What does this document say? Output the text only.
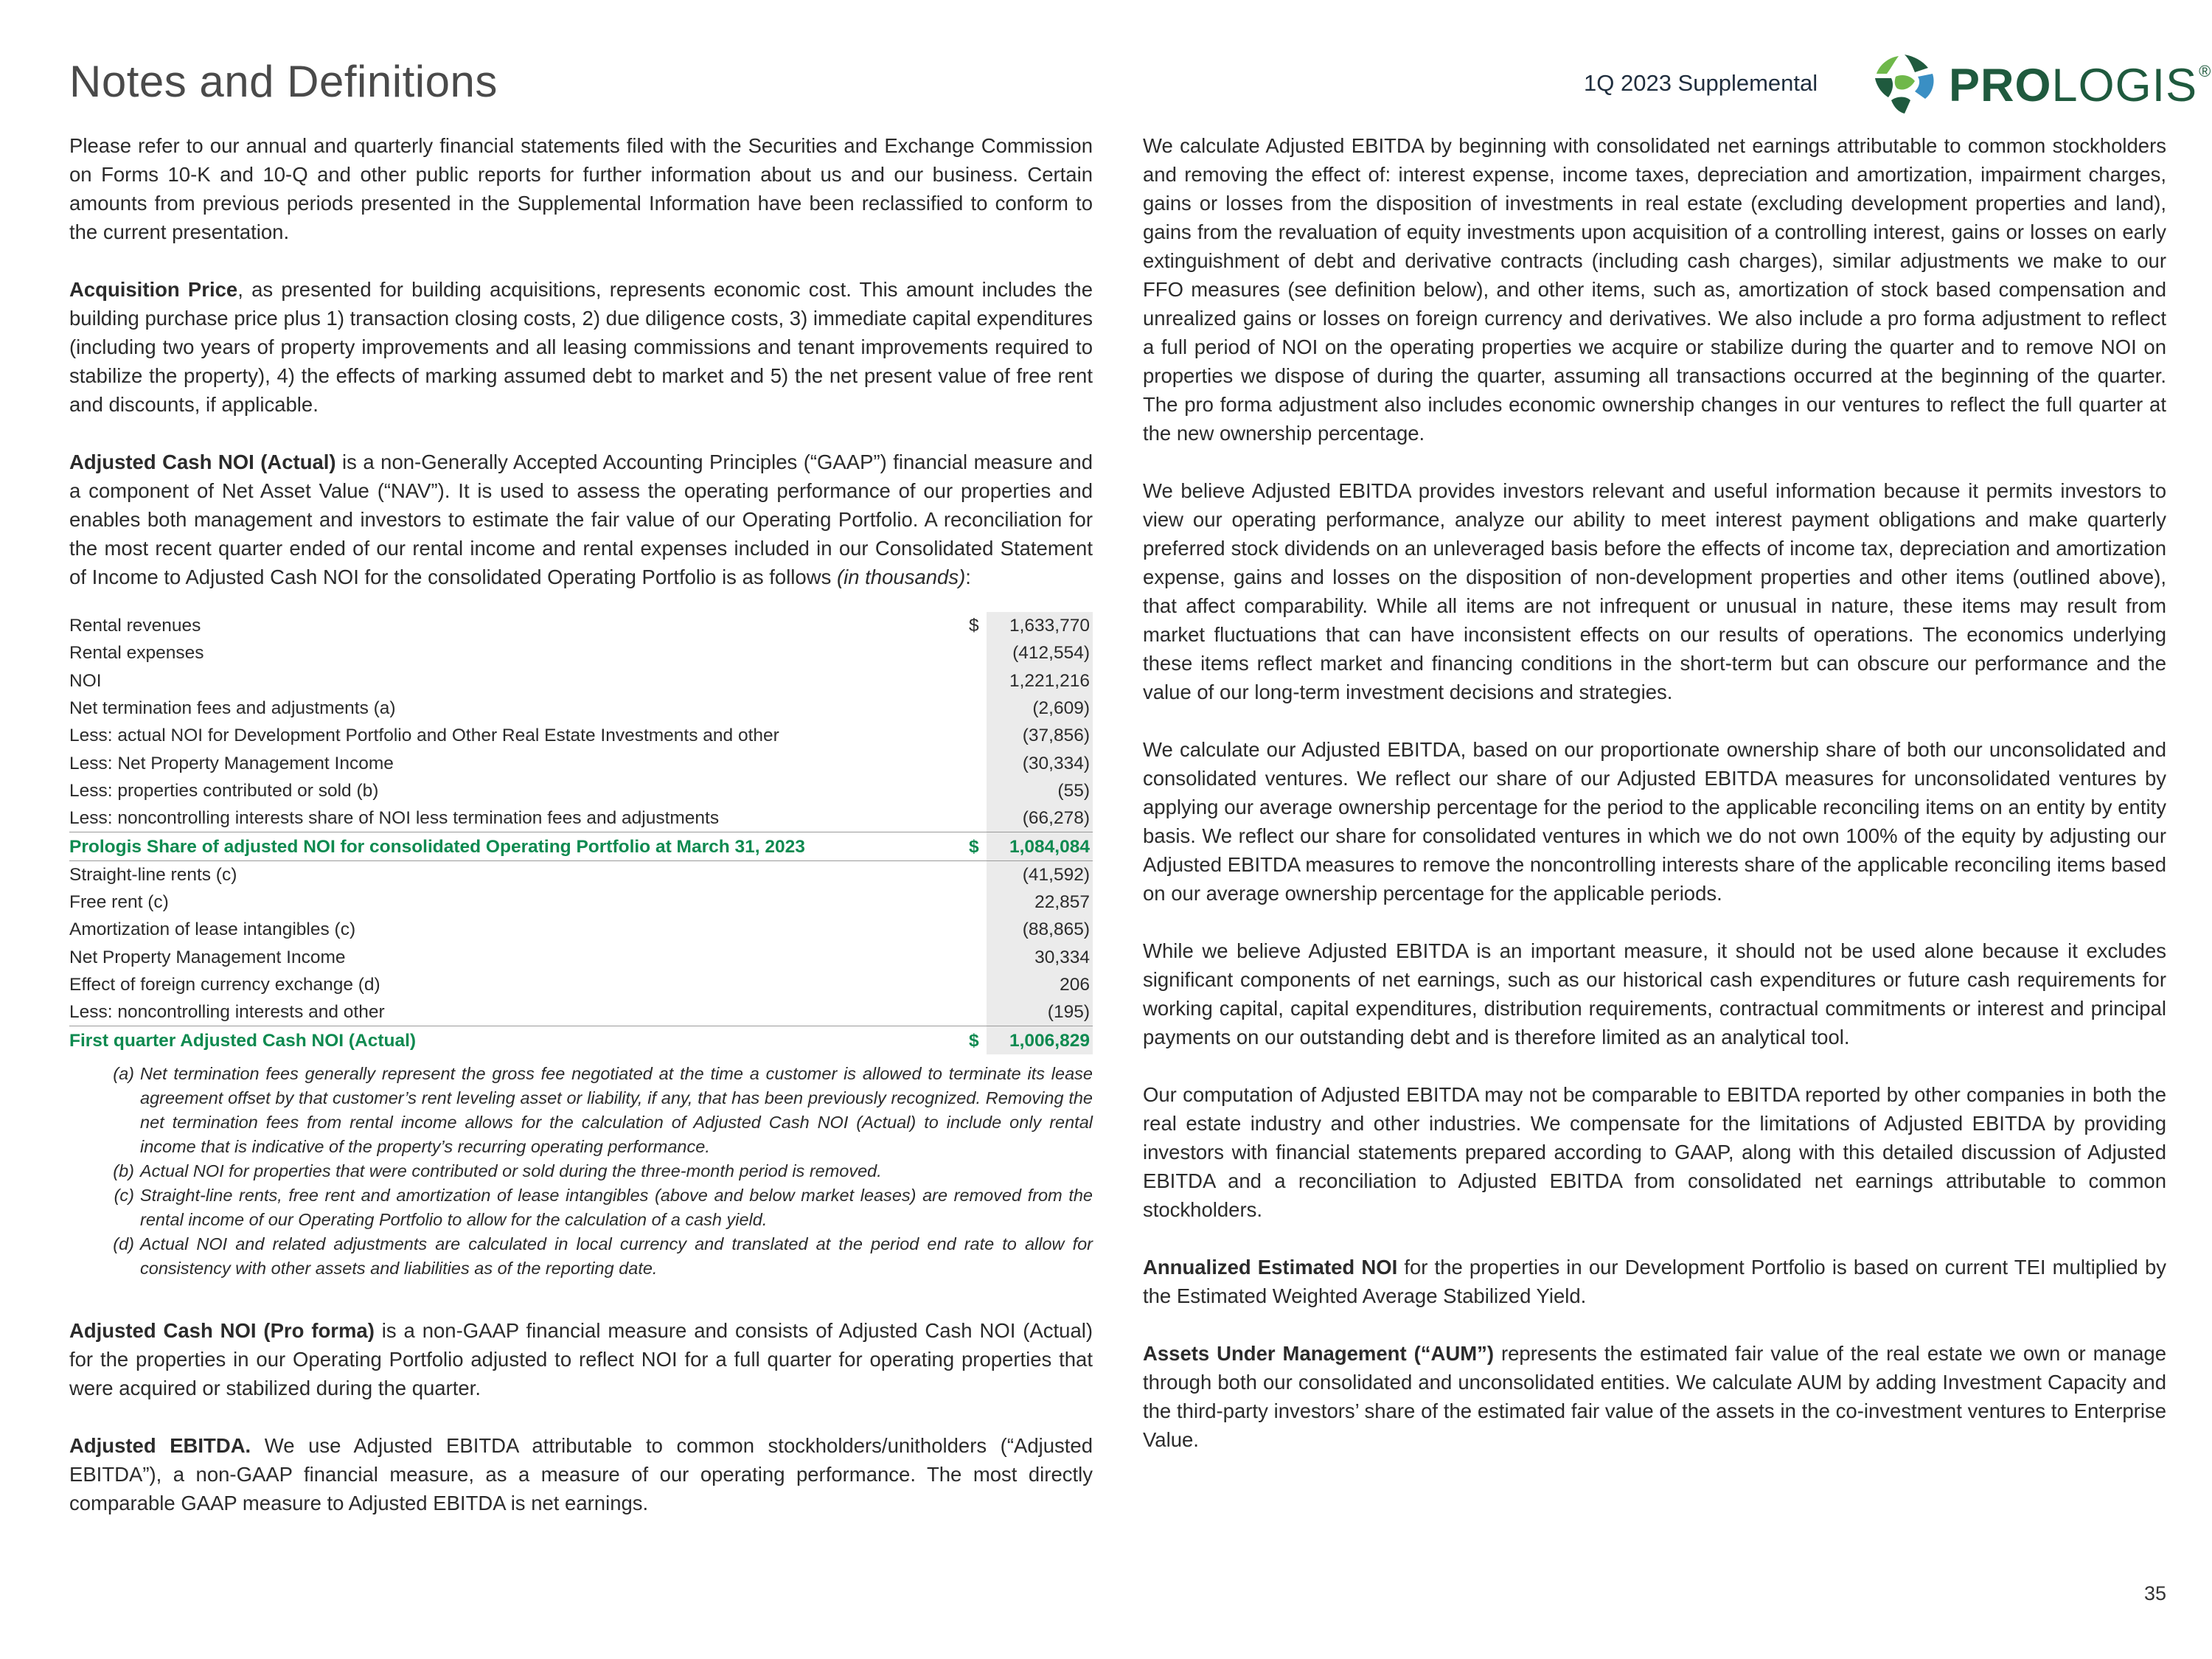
Notes and Definitions	1Q 2023 Supplemental	PROLOGIS®

Please refer to our annual and quarterly financial statements filed with the Securities and Exchange Commission on Forms 10-K and 10-Q and other public reports for further information about us and our business. Certain amounts from previous periods presented in the Supplemental Information have been reclassified to conform to the current presentation.

Acquisition Price, as presented for building acquisitions, represents economic cost. This amount includes the building purchase price plus 1) transaction closing costs, 2) due diligence costs, 3) immediate capital expenditures (including two years of property improvements and all leasing commissions and tenant improvements required to stabilize the property), 4) the effects of marking assumed debt to market and 5) the net present value of free rent and discounts, if applicable.

Adjusted Cash NOI (Actual) is a non-Generally Accepted Accounting Principles (“GAAP”) financial measure and a component of Net Asset Value (“NAV”). It is used to assess the operating performance of our properties and enables both management and investors to estimate the fair value of our Operating Portfolio. A reconciliation for the most recent quarter ended of our rental income and rental expenses included in our Consolidated Statement of Income to Adjusted Cash NOI for the consolidated Operating Portfolio is as follows (in thousands):

Rental revenues	$	1,633,770
Rental expenses		(412,554)
NOI		1,221,216
Net termination fees and adjustments (a)		(2,609)
Less: actual NOI for Development Portfolio and Other Real Estate Investments and other		(37,856)
Less: Net Property Management Income		(30,334)
Less: properties contributed or sold (b)		(55)
Less: noncontrolling interests share of NOI less termination fees and adjustments		(66,278)
Prologis Share of adjusted NOI for consolidated Operating Portfolio at March 31, 2023	$	1,084,084
Straight-line rents (c)		(41,592)
Free rent (c)		22,857
Amortization of lease intangibles (c)		(88,865)
Net Property Management Income		30,334
Effect of foreign currency exchange (d)		206
Less: noncontrolling interests and other		(195)
First quarter Adjusted Cash NOI (Actual)	$	1,006,829
(a) Net termination fees generally represent the gross fee negotiated at the time a customer is allowed to terminate its lease agreement offset by that customer’s rent leveling asset or liability, if any, that has been previously recognized. Removing the net termination fees from rental income allows for the calculation of Adjusted Cash NOI (Actual) to include only rental income that is indicative of the property’s recurring operating performance.
(b) Actual NOI for properties that were contributed or sold during the three-month period is removed.
(c) Straight-line rents, free rent and amortization of lease intangibles (above and below market leases) are removed from the rental income of our Operating Portfolio to allow for the calculation of a cash yield.
(d) Actual NOI and related adjustments are calculated in local currency and translated at the period end rate to allow for consistency with other assets and liabilities as of the reporting date.

Adjusted Cash NOI (Pro forma) is a non-GAAP financial measure and consists of Adjusted Cash NOI (Actual) for the properties in our Operating Portfolio adjusted to reflect NOI for a full quarter for operating properties that were acquired or stabilized during the quarter.

Adjusted EBITDA. We use Adjusted EBITDA attributable to common stockholders/unitholders (“Adjusted EBITDA”), a non-GAAP financial measure, as a measure of our operating performance. The most directly comparable GAAP measure to Adjusted EBITDA is net earnings.

We calculate Adjusted EBITDA by beginning with consolidated net earnings attributable to common stockholders and removing the effect of: interest expense, income taxes, depreciation and amortization, impairment charges, gains or losses from the disposition of investments in real estate (excluding development properties and land), gains from the revaluation of equity investments upon acquisition of a controlling interest, gains or losses on early extinguishment of debt and derivative contracts (including cash charges), similar adjustments we make to our FFO measures (see definition below), and other items, such as, amortization of stock based compensation and unrealized gains or losses on foreign currency and derivatives. We also include a pro forma adjustment to reflect a full period of NOI on the operating properties we acquire or stabilize during the quarter and to remove NOI on properties we dispose of during the quarter, assuming all transactions occurred at the beginning of the quarter. The pro forma adjustment also includes economic ownership changes in our ventures to reflect the full quarter at the new ownership percentage.

We believe Adjusted EBITDA provides investors relevant and useful information because it permits investors to view our operating performance, analyze our ability to meet interest payment obligations and make quarterly preferred stock dividends on an unleveraged basis before the effects of income tax, depreciation and amortization expense, gains and losses on the disposition of non-development properties and other items (outlined above), that affect comparability. While all items are not infrequent or unusual in nature, these items may result from market fluctuations that can have inconsistent effects on our results of operations. The economics underlying these items reflect market and financing conditions in the short-term but can obscure our performance and the value of our long-term investment decisions and strategies.

We calculate our Adjusted EBITDA, based on our proportionate ownership share of both our unconsolidated and consolidated ventures. We reflect our share of our Adjusted EBITDA measures for unconsolidated ventures by applying our average ownership percentage for the period to the applicable reconciling items on an entity by entity basis. We reflect our share for consolidated ventures in which we do not own 100% of the equity by adjusting our Adjusted EBITDA measures to remove the noncontrolling interests share of the applicable reconciling items based on our average ownership percentage for the applicable periods.

While we believe Adjusted EBITDA is an important measure, it should not be used alone because it excludes significant components of net earnings, such as our historical cash expenditures or future cash requirements for working capital, capital expenditures, distribution requirements, contractual commitments or interest and principal payments on our outstanding debt and is therefore limited as an analytical tool.

Our computation of Adjusted EBITDA may not be comparable to EBITDA reported by other companies in both the real estate industry and other industries. We compensate for the limitations of Adjusted EBITDA by providing investors with financial statements prepared according to GAAP, along with this detailed discussion of Adjusted EBITDA and a reconciliation to Adjusted EBITDA from consolidated net earnings attributable to common stockholders.

Annualized Estimated NOI for the properties in our Development Portfolio is based on current TEI multiplied by the Estimated Weighted Average Stabilized Yield.

Assets Under Management (“AUM”) represents the estimated fair value of the real estate we own or manage through both our consolidated and unconsolidated entities. We calculate AUM by adding Investment Capacity and the third-party investors’ share of the estimated fair value of the assets in the co-investment ventures to Enterprise Value.

35
